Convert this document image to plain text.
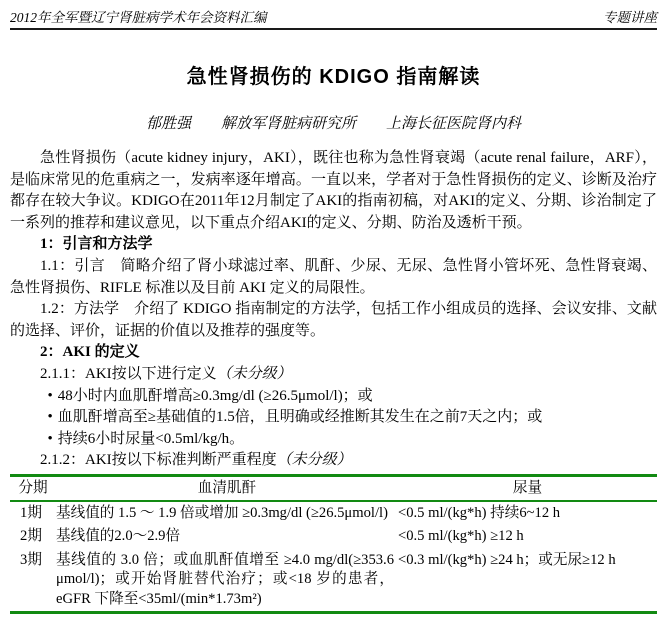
2012年全军暨辽宁肾脏病学术年会资料汇编	专题讲座
急性肾损伤的 KDIGO 指南解读
郁胜强　　解放军肾脏病研究所　　上海长征医院肾内科

急性肾损伤（acute kidney injury，AKI），既往也称为急性肾衰竭（acute renal failure，ARF），是临床常见的危重病之一，发病率逐年增高。一直以来，学者对于急性肾损伤的定义、诊断及治疗都存在较大争议。KDIGO在2011年12月制定了AKI的指南初稿，对AKI的定义、分期、诊治制定了一系列的推荐和建议意见，以下重点介绍AKI的定义、分期、防治及透析干预。

1：引言和方法学

1.1：引言　简略介绍了肾小球滤过率、肌酐、少尿、无尿、急性肾小管坏死、急性肾衰竭、急性肾损伤、RIFLE 标准以及目前 AKI 定义的局限性。

1.2：方法学　介绍了 KDIGO 指南制定的方法学，包括工作小组成员的选择、会议安排、文献的选择、评价，证据的价值以及推荐的强度等。

2：AKI 的定义

2.1.1：AKI按以下进行定义（未分级）

• 48小时内血肌酐增高≥0.3mg/dl (≥26.5μmol/l)；或
• 血肌酐增高至≥基础值的1.5倍，且明确或经推断其发生在之前7天之内；或
• 持续6小时尿量<0.5ml/kg/h。

2.1.2：AKI按以下标准判断严重程度（未分级）

分期	血清肌酐	尿量
1期	基线值的 1.5 ～ 1.9 倍或增加 ≥0.3mg/dl (≥26.5μmol/l)	<0.5 ml/(kg*h) 持续6~12 h
2期	基线值的2.0～2.9倍	<0.5 ml/(kg*h) ≥12 h
3期	基线值的 3.0 倍；或血肌酐值增至 ≥4.0 mg/dl(≥353.6 μmol/l)；或开始肾脏替代治疗；或<18 岁的患者，eGFR 下降至<35ml/(min*1.73m²)	<0.3 ml/(kg*h) ≥24 h；或无尿≥12 h
